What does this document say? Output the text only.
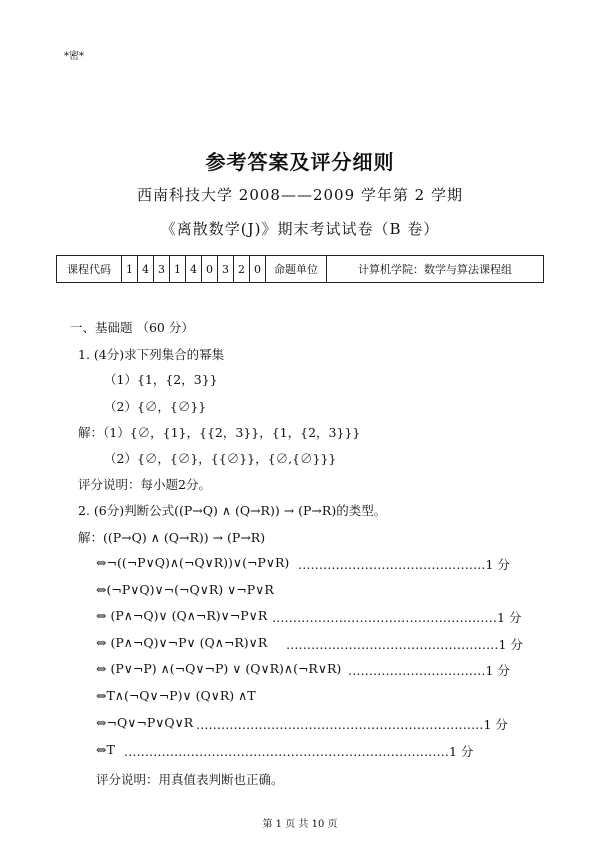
*密*
参考答案及评分细则
西南科技大学 2008——2009 学年第 2 学期
《离散数学(J)》期末考试试卷（B 卷）
课程代码	1	4	3	1	4	0	3	2	0	命题单位	计算机学院：数学与算法课程组
一、基础题 （60 分）
1. (4分)求下列集合的幂集
（1）{1，{2，3}}
（2）{∅，{∅}}
解：（1）{∅，{1}，{{2，3}}，{1，{2，3}}}
（2）{∅，{∅}，{{∅}}，{∅,{∅}}}
评分说明：每小题2分。
2. (6分)判断公式((P→Q) ∧ (Q→R)) → (P→R)的类型。
解：((P→Q) ∧ (Q→R)) → (P→R)
⇔¬((¬P∨Q)∧(¬Q∨R))∨(¬P∨R) ………………………………………1 分
⇔(¬P∨Q)∨¬(¬Q∨R) ∨¬P∨R
⇔ (P∧¬Q)∨ (Q∧¬R)∨¬P∨R ………………………………………………1 分
⇔ (P∧¬Q)∨¬P∨ (Q∧¬R)∨R ……………………………………………1 分
⇔ (P∨¬P) ∧(¬Q∨¬P) ∨ (Q∨R)∧(¬R∨R) ……………………………1 分
⇔T∧(¬Q∨¬P)∨ (Q∨R) ∧T
⇔¬Q∨¬P∨Q∨R ……………………………………………………………1 分
⇔T ……………………………………………………………………1 分
评分说明：用真值表判断也正确。
第 1 页 共 10 页
